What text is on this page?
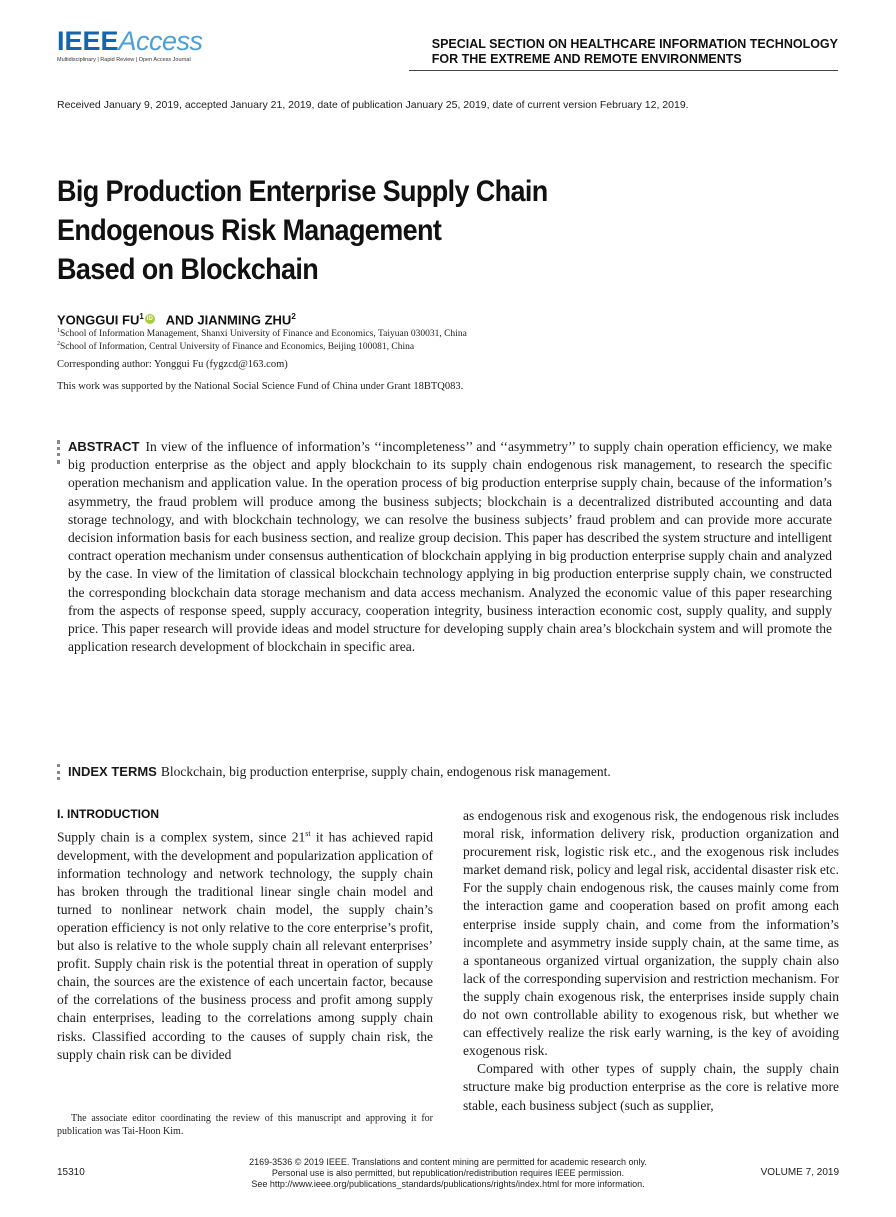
IEEEAccess
Multidisciplinary | Rapid Review | Open Access Journal
SPECIAL SECTION ON HEALTHCARE INFORMATION TECHNOLOGY
FOR THE EXTREME AND REMOTE ENVIRONMENTS
Received January 9, 2019, accepted January 21, 2019, date of publication January 25, 2019, date of current version February 12, 2019.
Big Production Enterprise Supply Chain
Endogenous Risk Management
Based on Blockchain
YONGGUI $FU^1$ iD AND JIANMING ZHU$^2$
$^1$School of Information Management, Shanxi University of Finance and Economics, Taiyuan 030031, China
$^2$School of Information, Central University of Finance and Economics, Beijing 100081, China
Corresponding author: Yonggui Fu (fygzcd@163.com)
This work was supported by the National Social Science Fund of China under Grant 18BTQ083.
ABSTRACT In view of the influence of information’s ‘‘incompleteness’’ and ‘‘asymmetry’’ to supply chain operation efficiency, we make big production enterprise as the object and apply blockchain to its supply chain endogenous risk management, to research the specific operation mechanism and application value. In the operation process of big production enterprise supply chain, because of the information’s asymmetry, the fraud problem will produce among the business subjects; blockchain is a decentralized distributed accounting and data storage technology, and with blockchain technology, we can resolve the business subjects’ fraud problem and can provide more accurate decision information basis for each business section, and realize group decision. This paper has described the system structure and intelligent contract operation mechanism under consensus authentication of blockchain applying in big production enterprise supply chain and analyzed by the case. In view of the limitation of classical blockchain technology applying in big production enterprise supply chain, we constructed the corresponding blockchain data storage mechanism and data access mechanism. Analyzed the economic value of this paper researching from the aspects of response speed, supply accuracy, cooperation integrity, business interaction economic cost, supply quality, and supply price. This paper research will provide ideas and model structure for developing supply chain area’s blockchain system and will promote the application research development of blockchain in specific area.
INDEX TERMS Blockchain, big production enterprise, supply chain, endogenous risk management.
I. INTRODUCTION

Supply chain is a complex system, since 21st it has achieved rapid development, with the development and popularization application of information technology and network technology, the supply chain has broken through the traditional linear single chain model and turned to nonlinear network chain model, the supply chain’s operation efficiency is not only relative to the core enterprise’s profit, but also is relative to the whole supply chain all relevant enterprises’ profit. Supply chain risk is the potential threat in operation of supply chain, the sources are the existence of each uncertain factor, because of the correlations of the business process and profit among supply chain enterprises, leading to the correlations among supply chain risks. Classified according to the causes of supply chain risk, the supply chain risk can be divided

as endogenous risk and exogenous risk, the endogenous risk includes moral risk, information delivery risk, production organization and procurement risk, logistic risk etc., and the exogenous risk includes market demand risk, policy and legal risk, accidental disaster risk etc. For the supply chain endogenous risk, the causes mainly come from the interaction game and cooperation based on profit among each enterprise inside supply chain, and come from the information’s incomplete and asymmetry inside supply chain, at the same time, as a spontaneous organized virtual organization, the supply chain also lack of the corresponding supervision and restriction mechanism. For the supply chain exogenous risk, the enterprises inside supply chain do not own controllable ability to exogenous risk, but whether we can effectively realize the risk early warning, is the key of avoiding exogenous risk.

Compared with other types of supply chain, the supply chain structure make big production enterprise as the core is relative more stable, each business subject (such as supplier,

The associate editor coordinating the review of this manuscript and approving it for publication was Tai-Hoon Kim.
15310
2169-3536 © 2019 IEEE. Translations and content mining are permitted for academic research only.
Personal use is also permitted, but republication/redistribution requires IEEE permission.
See http://www.ieee.org/publications_standards/publications/rights/index.html for more information.
VOLUME 7, 2019
